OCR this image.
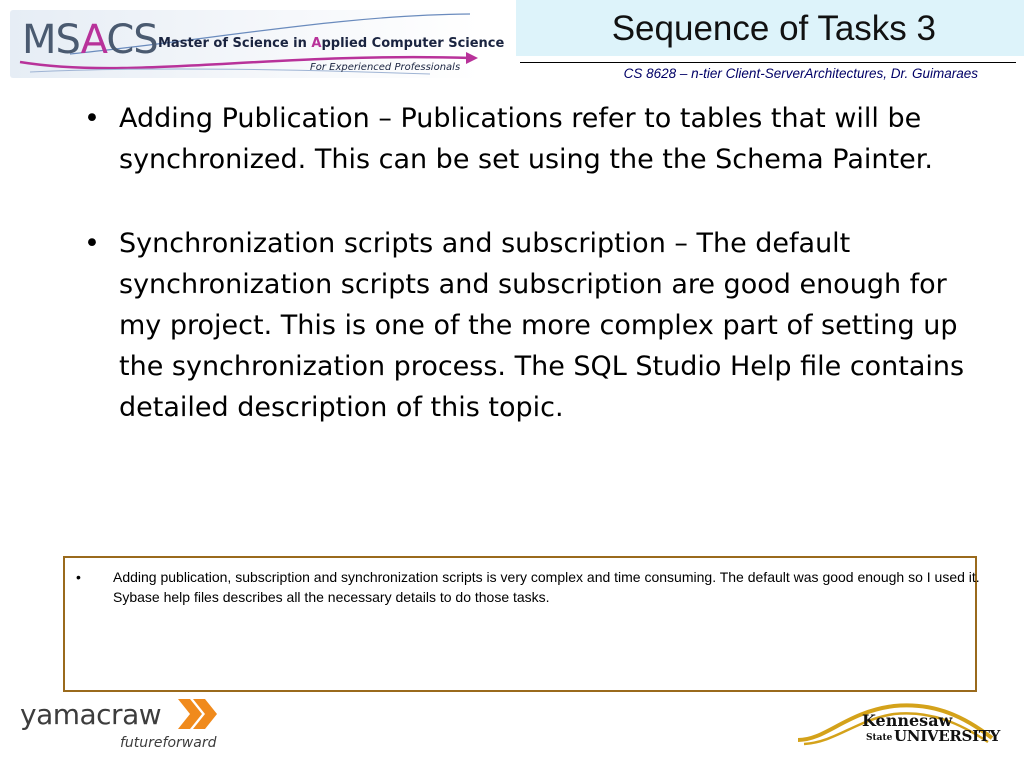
MSACS Master of Science in Applied Computer Science
For Experienced Professionals
Sequence of Tasks 3
CS 8628 – n-tier Client-ServerArchitectures, Dr. Guimaraes
• Adding Publication – Publications refer to tables that will be synchronized. This can be set using the the Schema Painter.
• Synchronization scripts and subscription – The default synchronization scripts and subscription are good enough for my project. This is one of the more complex part of setting up the synchronization process. The SQL Studio Help file contains detailed description of this topic.
• Adding publication, subscription and synchronization scripts is very complex and time consuming. The default was good enough so I used it. Sybase help files describes all the necessary details to do those tasks.
yamacraw
futureforward
Kennesaw
State UNIVERSITY
